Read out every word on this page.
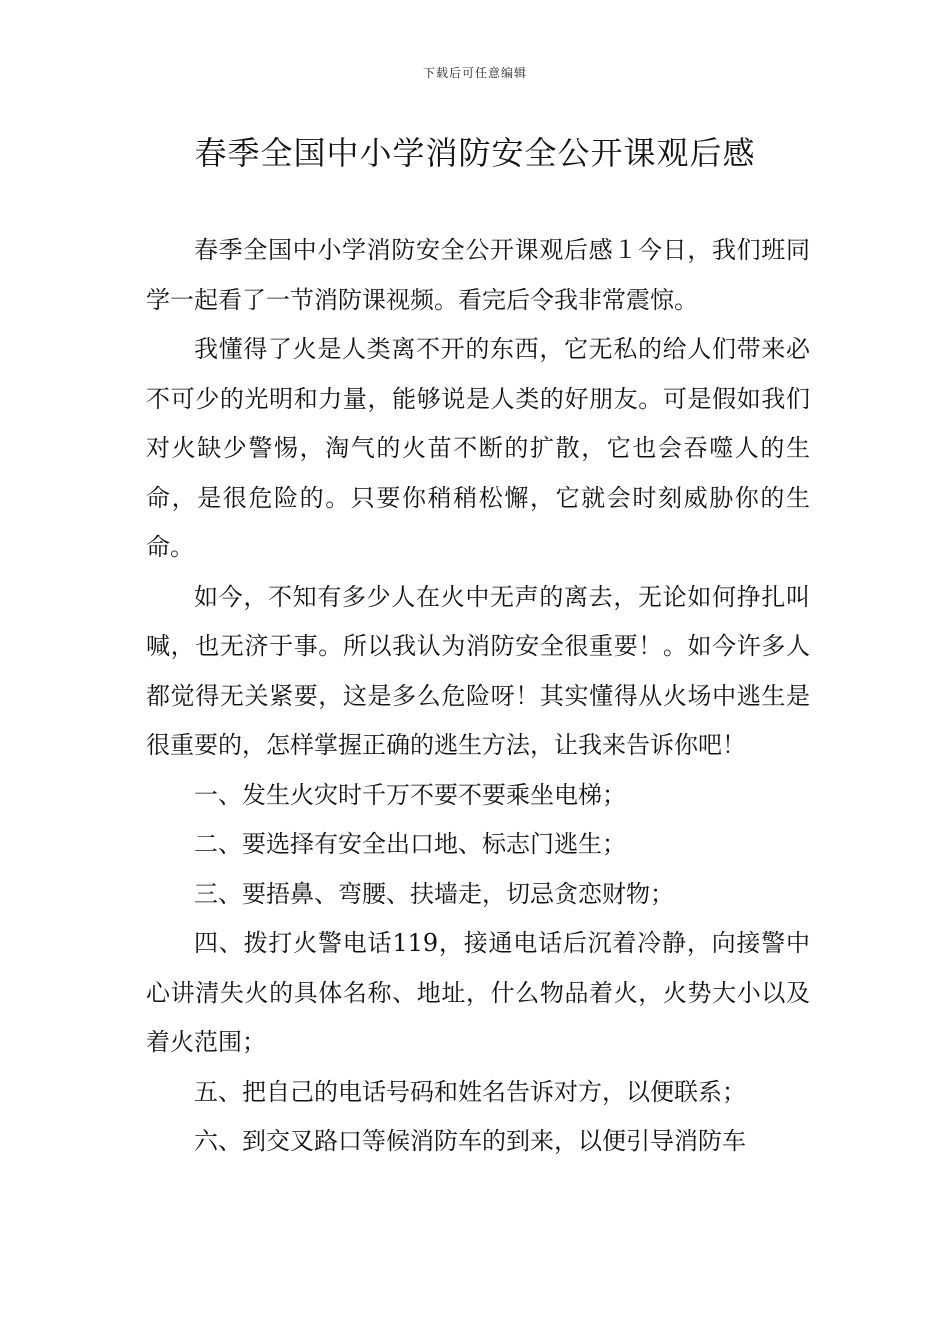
下载后可任意编辑
春季全国中小学消防安全公开课观后感

春季全国中小学消防安全公开课观后感１今日，我们班同学一起看了一节消防课视频。看完后令我非常震惊。

我懂得了火是人类离不开的东西，它无私的给人们带来必不可少的光明和力量，能够说是人类的好朋友。可是假如我们对火缺少警惕，淘气的火苗不断的扩散，它也会吞噬人的生命，是很危险的。只要你稍稍松懈，它就会时刻威胁你的生命。

如今，不知有多少人在火中无声的离去，无论如何挣扎叫喊，也无济于事。所以我认为消防安全很重要！。如今许多人都觉得无关紧要，这是多么危险呀！其实懂得从火场中逃生是很重要的，怎样掌握正确的逃生方法，让我来告诉你吧！

一、发生火灾时千万不要不要乘坐电梯；

二、要选择有安全出口地、标志门逃生；

三、要捂鼻、弯腰、扶墙走，切忌贪恋财物；

四、拨打火警电话119，接通电话后沉着冷静，向接警中心讲清失火的具体名称、地址，什么物品着火，火势大小以及着火范围；

五、把自己的电话号码和姓名告诉对方，以便联系；

六、到交叉路口等候消防车的到来，以便引导消防车
